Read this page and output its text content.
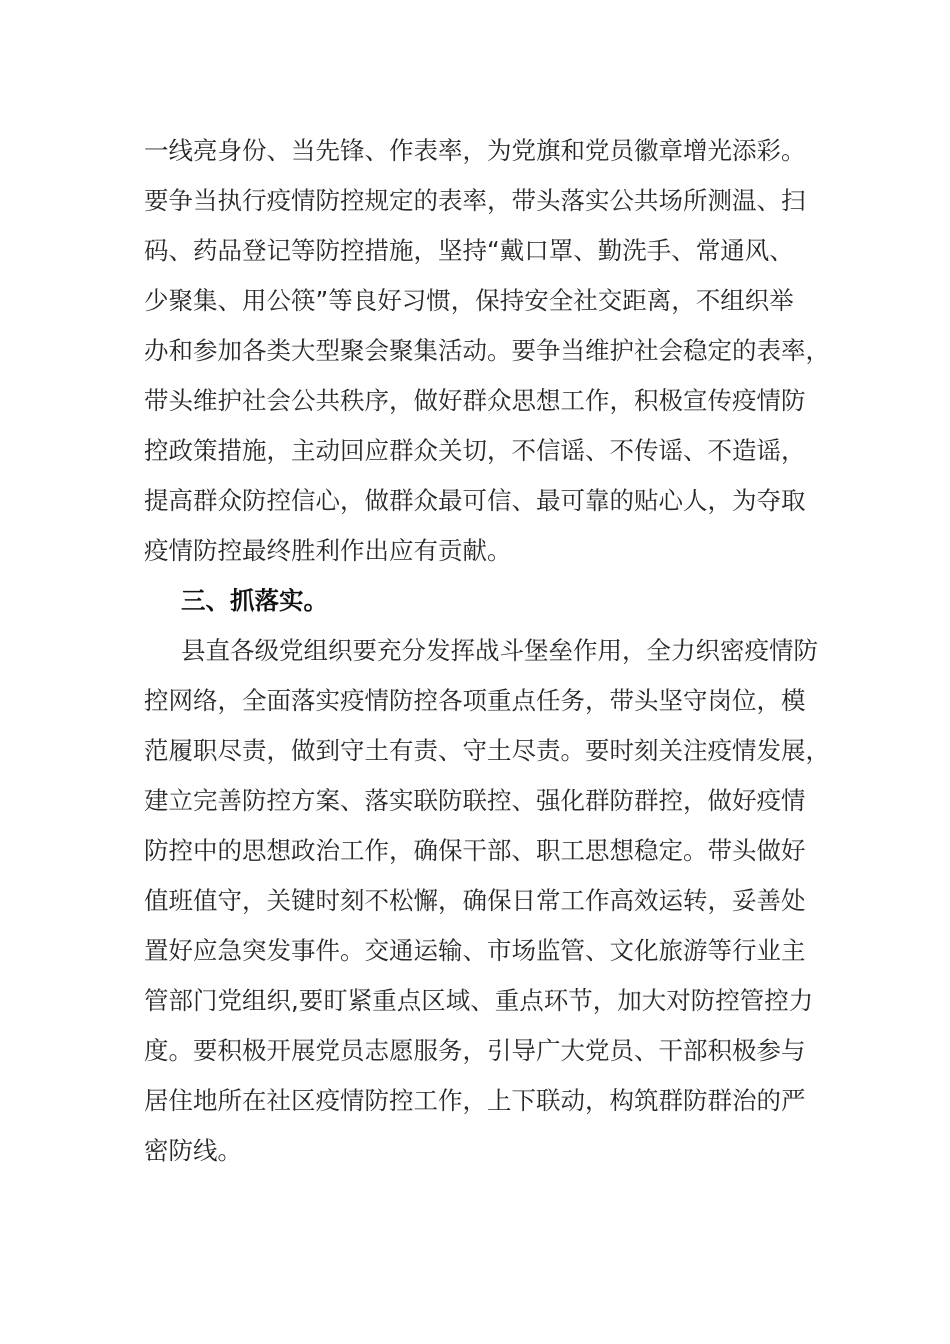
一线亮身份、当先锋、作表率，为党旗和党员徽章增光添彩。
要争当执行疫情防控规定的表率，带头落实公共场所测温、扫
码、药品登记等防控措施，坚持“戴口罩、勤洗手、常通风、
少聚集、用公筷”等良好习惯，保持安全社交距离，不组织举
办和参加各类大型聚会聚集活动。要争当维护社会稳定的表率，
带头维护社会公共秩序，做好群众思想工作，积极宣传疫情防
控政策措施，主动回应群众关切，不信谣、不传谣、不造谣，
提高群众防控信心，做群众最可信、最可靠的贴心人，为夺取
疫情防控最终胜利作出应有贡献。
三、抓落实。
县直各级党组织要充分发挥战斗堡垒作用，全力织密疫情防
控网络，全面落实疫情防控各项重点任务，带头坚守岗位，模
范履职尽责，做到守土有责、守土尽责。要时刻关注疫情发展，
建立完善防控方案、落实联防联控、强化群防群控，做好疫情
防控中的思想政治工作，确保干部、职工思想稳定。带头做好
值班值守，关键时刻不松懈，确保日常工作高效运转，妥善处
置好应急突发事件。交通运输、市场监管、文化旅游等行业主
管部门党组织,要盯紧重点区域、重点环节，加大对防控管控力
度。要积极开展党员志愿服务，引导广大党员、干部积极参与
居住地所在社区疫情防控工作，上下联动，构筑群防群治的严
密防线。
